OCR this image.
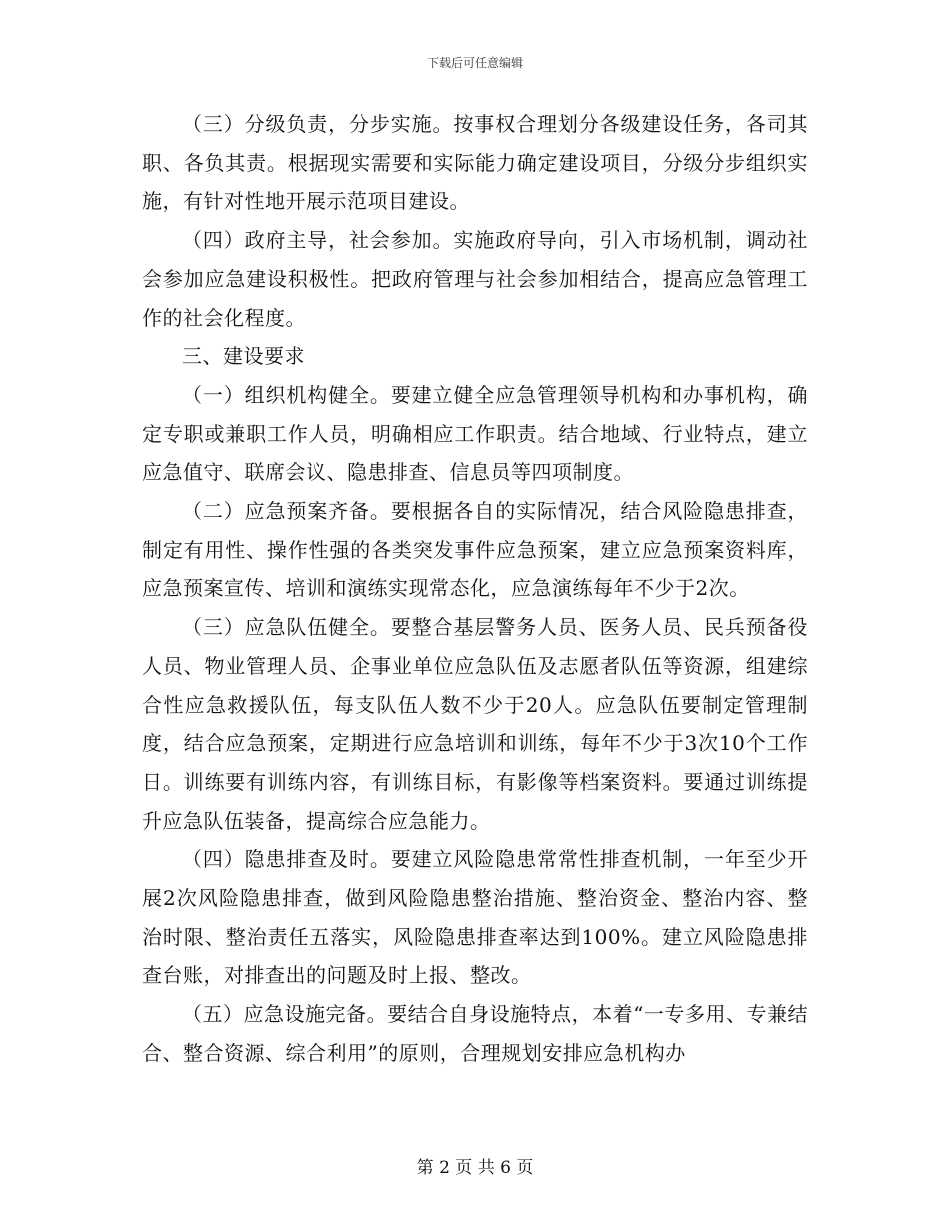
下载后可任意编辑

（三）分级负责，分步实施。按事权合理划分各级建设任务，各司其职、各负其责。根据现实需要和实际能力确定建设项目，分级分步组织实施，有针对性地开展示范项目建设。

（四）政府主导，社会参加。实施政府导向，引入市场机制，调动社会参加应急建设积极性。把政府管理与社会参加相结合，提高应急管理工作的社会化程度。

三、建设要求

（一）组织机构健全。要建立健全应急管理领导机构和办事机构，确定专职或兼职工作人员，明确相应工作职责。结合地域、行业特点，建立应急值守、联席会议、隐患排查、信息员等四项制度。

（二）应急预案齐备。要根据各自的实际情况，结合风险隐患排查，制定有用性、操作性强的各类突发事件应急预案，建立应急预案资料库，应急预案宣传、培训和演练实现常态化，应急演练每年不少于2次。

（三）应急队伍健全。要整合基层警务人员、医务人员、民兵预备役人员、物业管理人员、企事业单位应急队伍及志愿者队伍等资源，组建综合性应急救援队伍，每支队伍人数不少于20人。应急队伍要制定管理制度，结合应急预案，定期进行应急培训和训练，每年不少于3次10个工作日。训练要有训练内容，有训练目标，有影像等档案资料。要通过训练提升应急队伍装备，提高综合应急能力。

（四）隐患排查及时。要建立风险隐患常常性排查机制，一年至少开展2次风险隐患排查，做到风险隐患整治措施、整治资金、整治内容、整治时限、整治责任五落实，风险隐患排查率达到100%。建立风险隐患排查台账，对排查出的问题及时上报、整改。

（五）应急设施完备。要结合自身设施特点，本着“一专多用、专兼结合、整合资源、综合利用”的原则，合理规划安排应急机构办

第 2 页 共 6 页
